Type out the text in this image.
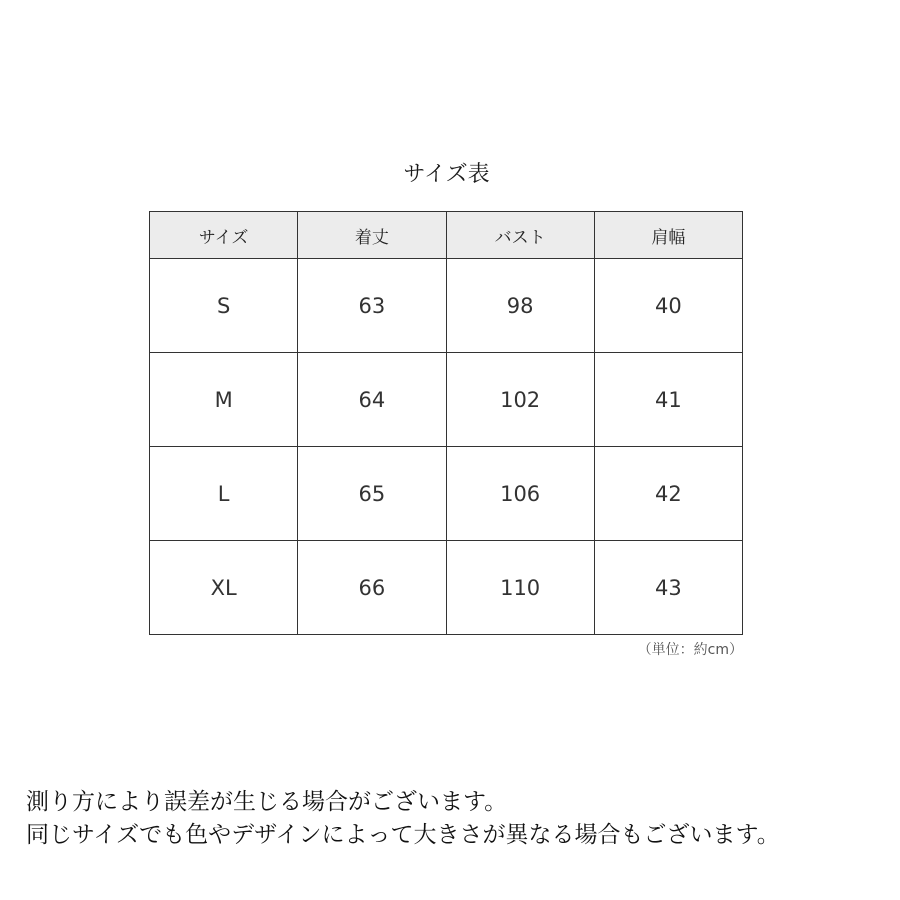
サイズ表
サイズ	着丈	バスト	肩幅
S	63	98	40
M	64	102	41
L	65	106	42
XL	66	110	43
（単位：約cm）
測り方により誤差が生じる場合がございます。
同じサイズでも色やデザインによって大きさが異なる場合もございます。
